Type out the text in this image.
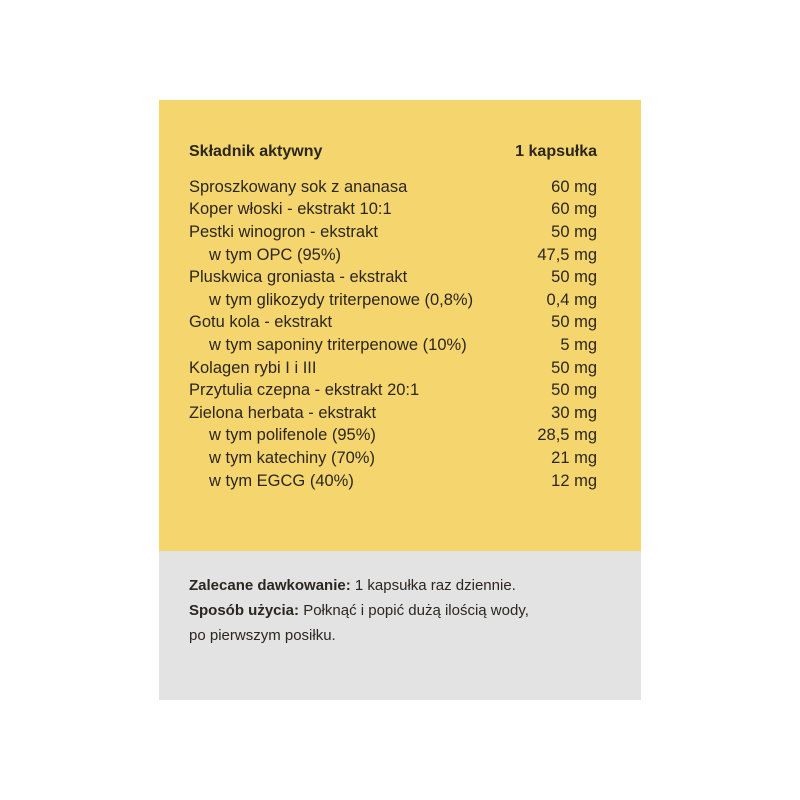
Składnik aktywny	1 kapsułka
Sproszkowany sok z ananasa	60 mg
Koper włoski - ekstrakt 10:1	60 mg
Pestki winogron - ekstrakt	50 mg
w tym OPC (95%)	47,5 mg
Pluskwica groniasta - ekstrakt	50 mg
w tym glikozydy triterpenowe (0,8%)	0,4 mg
Gotu kola - ekstrakt	50 mg
w tym saponiny triterpenowe (10%)	5 mg
Kolagen rybi I i III	50 mg
Przytulia czepna - ekstrakt 20:1	50 mg
Zielona herbata - ekstrakt	30 mg
w tym polifenole (95%)	28,5 mg
w tym katechiny (70%)	21 mg
w tym EGCG (40%)	12 mg
Zalecane dawkowanie: 1 kapsułka raz dziennie.
Sposób użycia: Połknąć i popić dużą ilością wody,
po pierwszym posiłku.
